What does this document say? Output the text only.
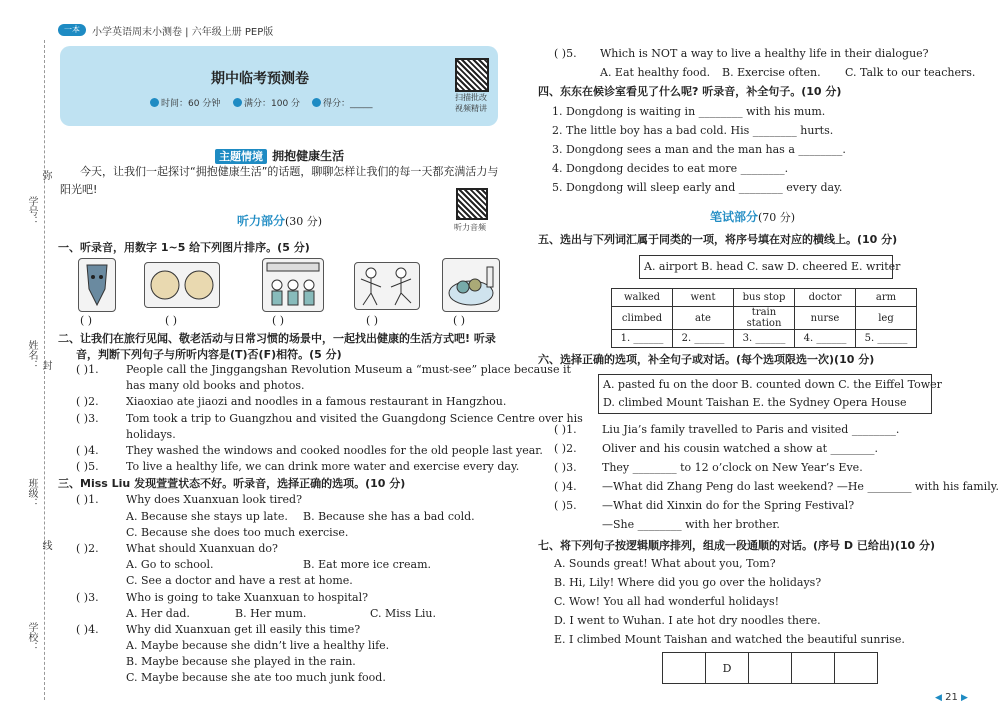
一本	小学英语周末小测卷 | 六年级上册 PEP版
学号：
弥
姓名： 封
班级：
线
学校：
期中临考预测卷
时间：60 分钟	满分：100 分	得分：_____
扫描批改
视频精讲
主题情境 拥抱健康生活
今天，让我们一起探讨“拥抱健康生活”的话题，聊聊怎样让我们的每一天都充满活力与
阳光吧!
听力音频
听力部分(30 分)
一、听录音，用数字 1~5 给下列图片排序。(5 分)
( )	( )	( )	( )	( )
二、让我们在旅行见闻、敬老活动与日常习惯的场景中，一起找出健康的生活方式吧! 听录
音，判断下列句子与所听内容是(T)否(F)相符。(5 分)
( )1. People call the Jinggangshan Revolution Museum a “must-see” place because it
has many old books and photos.
( )2. Xiaoxiao ate jiaozi and noodles in a famous restaurant in Hangzhou.
( )3. Tom took a trip to Guangzhou and visited the Guangdong Science Centre over his
holidays.
( )4. They washed the windows and cooked noodles for the old people last year.
( )5. To live a healthy life, we can drink more water and exercise every day.
三、Miss Liu 发现萱萱状态不好。听录音，选择正确的选项。(10 分)
( )1. Why does Xuanxuan look tired?
A. Because she stays up late. B. Because she has a bad cold.
C. Because she does too much exercise.
( )2. What should Xuanxuan do?
A. Go to school.	B. Eat more ice cream.
C. See a doctor and have a rest at home.
( )3. Who is going to take Xuanxuan to hospital?
A. Her dad.	B. Her mum.	C. Miss Liu.
( )4. Why did Xuanxuan get ill easily this time?
A. Maybe because she didn’t live a healthy life.
B. Maybe because she played in the rain.
C. Maybe because she ate too much junk food.
( )5. Which is NOT a way to live a healthy life in their dialogue?
A. Eat healthy food. B. Exercise often. C. Talk to our teachers.
四、东东在候诊室看见了什么呢? 听录音，补全句子。(10 分)
1. Dongdong is waiting in ________ with his mum.
2. The little boy has a bad cold. His ________ hurts.
3. Dongdong sees a man and the man has a ________.
4. Dongdong decides to eat more ________.
5. Dongdong will sleep early and ________ every day.
笔试部分(70 分)
五、选出与下列词汇属于同类的一项，将序号填在对应的横线上。(10 分)
A. airport B. head C. saw D. cheered E. writer
walked	went	bus stop	doctor	arm
climbed	ate	train station	nurse	leg
1. ______	2. ______	3. ______	4. ______	5. ______
六、选择正确的选项，补全句子或对话。(每个选项限选一次)(10 分)
A. pasted fu on the door B. counted down C. the Eiffel Tower
D. climbed Mount Taishan E. the Sydney Opera House
( )1. Liu Jia’s family travelled to Paris and visited ________.
( )2. Oliver and his cousin watched a show at ________.
( )3. They ________ to 12 o’clock on New Year’s Eve.
( )4. —What did Zhang Peng do last weekend? —He ________ with his family.
( )5. —What did Xinxin do for the Spring Festival?
—She ________ with her brother.
七、将下列句子按逻辑顺序排列，组成一段通顺的对话。(序号 D 已给出)(10 分)
A. Sounds great! What about you, Tom?
B. Hi, Lily! Where did you go over the holidays?
C. Wow! You all had wonderful holidays!
D. I went to Wuhan. I ate hot dry noodles there.
E. I climbed Mount Taishan and watched the beautiful sunrise.
	D			
◀ 21 ▶
